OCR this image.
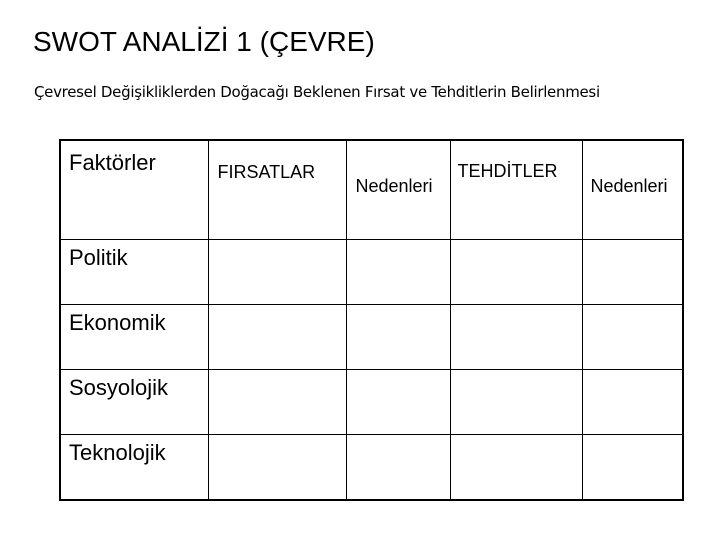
SWOT ANALİZİ 1 (ÇEVRE)
Çevresel Değişikliklerden Doğacağı Beklenen Fırsat ve Tehditlerin Belirlenmesi
Faktörler	FIRSATLAR	Nedenleri	TEHDİTLER	Nedenleri
Politik				
Ekonomik				
Sosyolojik				
Teknolojik				
